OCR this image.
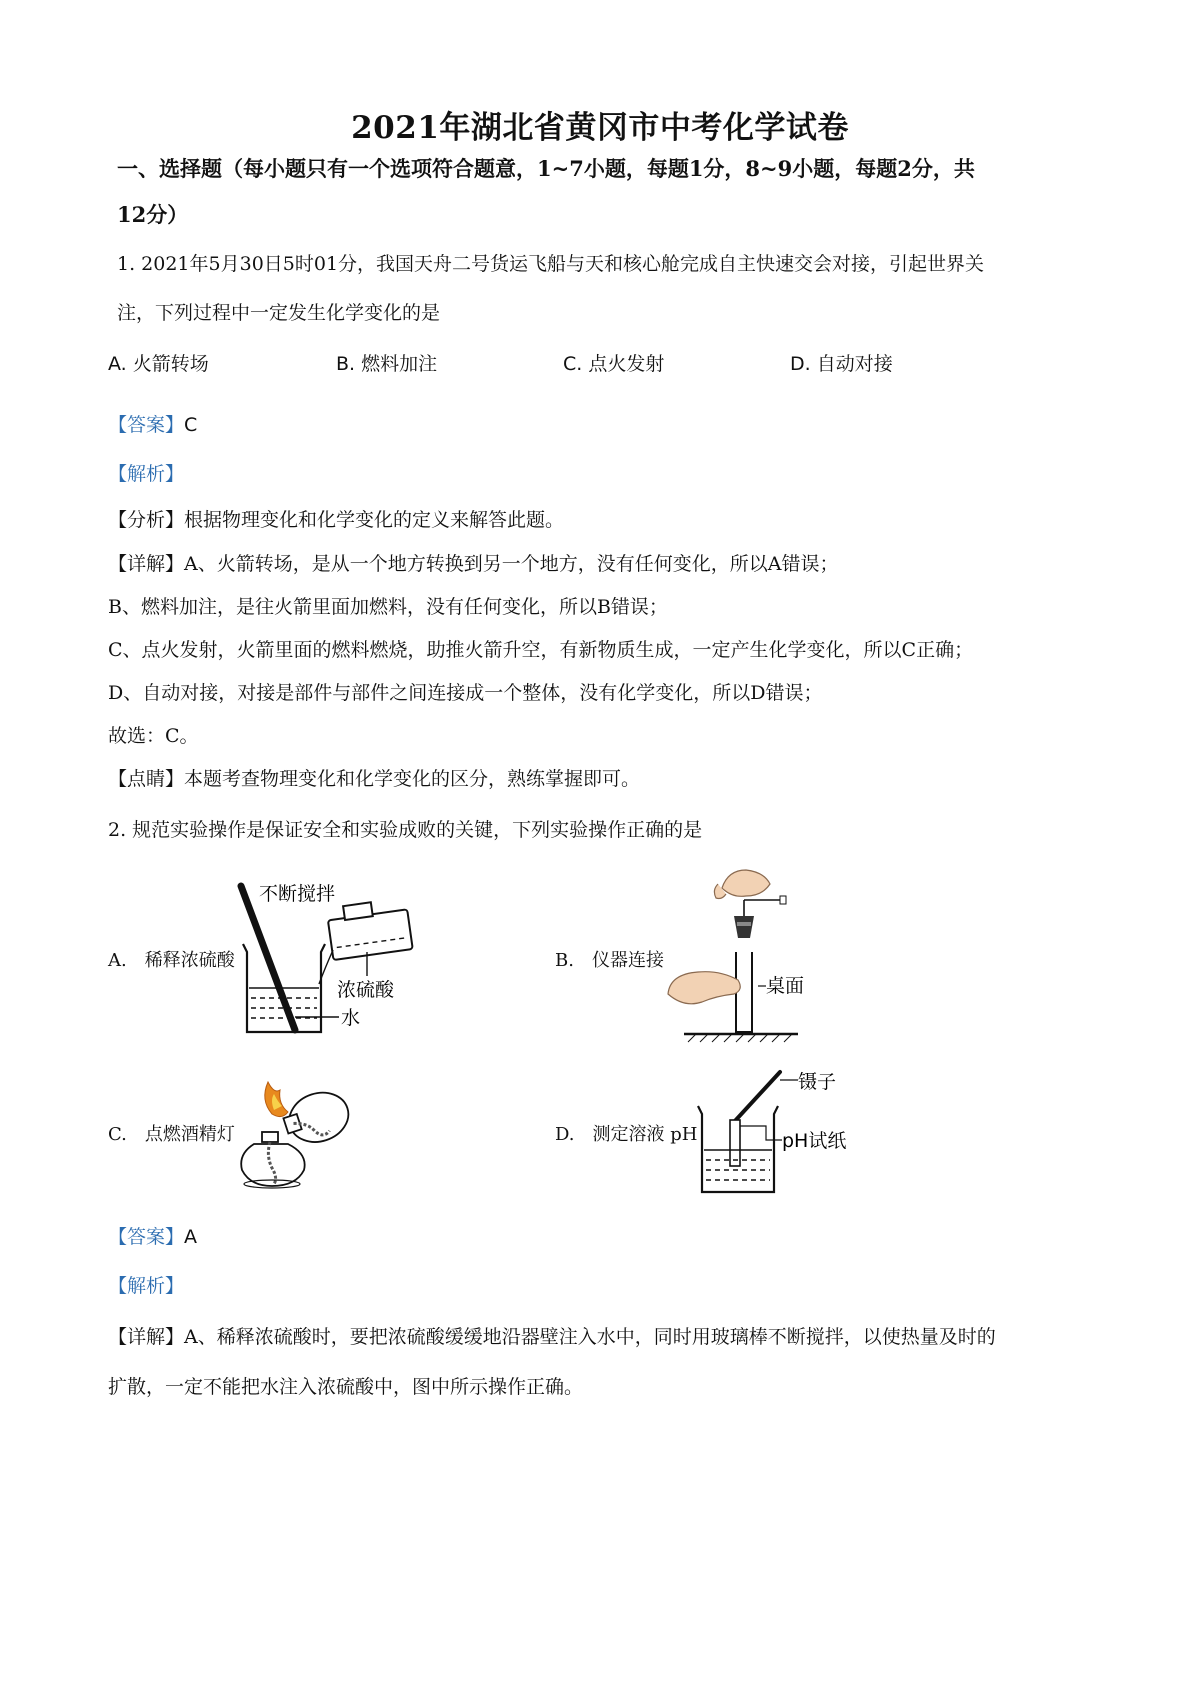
2021年湖北省黄冈市中考化学试卷
一、选择题（每小题只有一个选项符合题意，1~7小题，每题1分，8~9小题，每题2分，共
12分）
1. 2021年5月30日5时01分，我国天舟二号货运飞船与天和核心舱完成自主快速交会对接，引起世界关
注，下列过程中一定发生化学变化的是
A. 火箭转场	B. 燃料加注	C. 点火发射	D. 自动对接
【答案】C
【解析】
【分析】根据物理变化和化学变化的定义来解答此题。
【详解】A、火箭转场，是从一个地方转换到另一个地方，没有任何变化，所以A错误；
B、燃料加注，是往火箭里面加燃料，没有任何变化，所以B错误；
C、点火发射，火箭里面的燃料燃烧，助推火箭升空，有新物质生成，一定产生化学变化，所以C正确；
D、自动对接，对接是部件与部件之间连接成一个整体，没有化学变化，所以D错误；
故选：C。
【点睛】本题考查物理变化和化学变化的区分，熟练掌握即可。
2. 规范实验操作是保证安全和实验成败的关键，下列实验操作正确的是
A.　稀释浓硫酸
不断搅拌
浓硫酸
水
B.　仪器连接
桌面
C.　点燃酒精灯	D.　测定溶液 pH
镊子
pH试纸
【答案】A
【解析】
【详解】A、稀释浓硫酸时，要把浓硫酸缓缓地沿器壁注入水中，同时用玻璃棒不断搅拌，以使热量及时的
扩散，一定不能把水注入浓硫酸中，图中所示操作正确。
